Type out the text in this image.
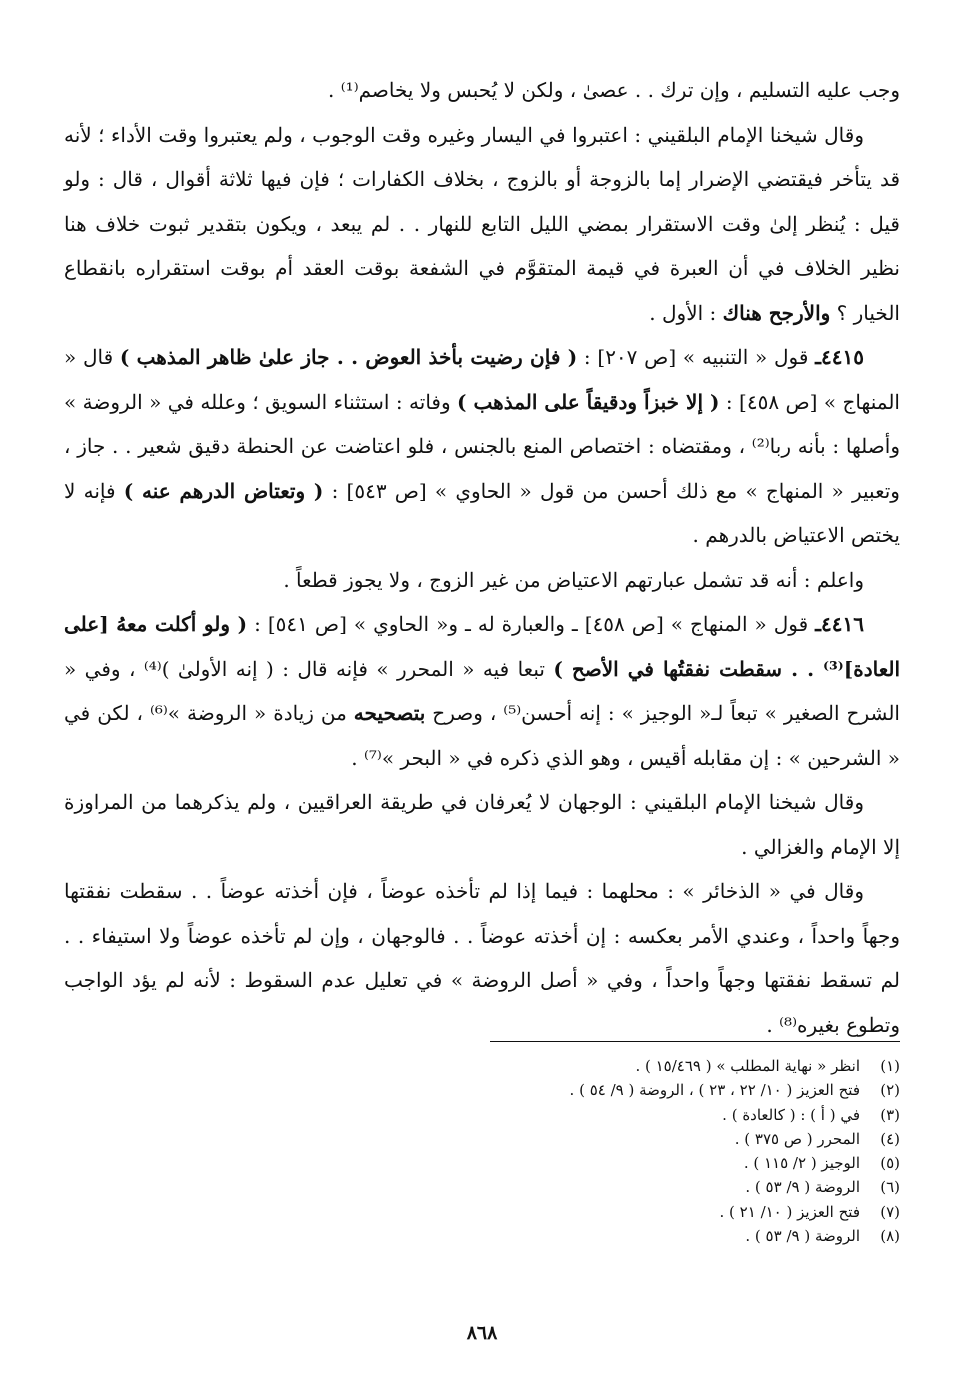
وجب عليه التسليم ، وإن ترك . . عصىٰ ، ولكن لا يُحبس ولا يخاصم⁽¹⁾ .

وقال شيخنا الإمام البلقيني : اعتبروا في اليسار وغيره وقت الوجوب ، ولم يعتبروا وقت الأداء ؛ لأنه قد يتأخر فيقتضي الإضرار إما بالزوجة أو بالزوج ، بخلاف الكفارات ؛ فإن فيها ثلاثة أقوال ، قال : ولو قيل : يُنظر إلىٰ وقت الاستقرار بمضي الليل التابع للنهار . . لم يبعد ، ويكون بتقدير ثبوت خلاف هنا نظير الخلاف في أن العبرة في قيمة المتقوَّم في الشفعة بوقت العقد أم بوقت استقراره بانقطاع الخيار ؟ والأرجح هناك : الأول .

٤٤١٥ـ قول « التنبيه » [ص ٢٠٧] : ( فإن رضيت بأخذ العوض . . جاز علىٰ ظاهر المذهب ) قال « المنهاج » [ص ٤٥٨] : ( إلا خبزاً ودقيقاً على المذهب ) وفاته : استثناء السويق ؛ وعلله في « الروضة » وأصلها : بأنه ربا⁽²⁾ ، ومقتضاه : اختصاص المنع بالجنس ، فلو اعتاضت عن الحنطة دقيق شعير . . جاز ، وتعبير « المنهاج » مع ذلك أحسن من قول « الحاوي » [ص ٥٤٣] : ( وتعتاض الدرهم عنه ) فإنه لا يختص الاعتياض بالدرهم .

واعلم : أنه قد تشمل عبارتهم الاعتياض من غير الزوج ، ولا يجوز قطعاً .

٤٤١٦ـ قول « المنهاج » [ص ٤٥٨] ـ والعبارة له ـ و« الحاوي » [ص ٥٤١] : ( ولو أكلت معهُ [على العادة]⁽³⁾ . . سقطت نفقتُها في الأصح ) تبعا فيه « المحرر » فإنه قال : ( إنه الأولىٰ )⁽⁴⁾ ، وفي « الشرح الصغير » تبعاً لـ« الوجيز » : إنه أحسن⁽⁵⁾ ، وصرح بتصحيحه من زيادة « الروضة »⁽⁶⁾ ، لكن في « الشرحين » : إن مقابله أقيس ، وهو الذي ذكره في « البحر »⁽⁷⁾ .

وقال شيخنا الإمام البلقيني : الوجهان لا يُعرفان في طريقة العراقيين ، ولم يذكرهما من المراوزة إلا الإمام والغزالي .

وقال في « الذخائر » : محلهما : فيما إذا لم تأخذه عوضاً ، فإن أخذته عوضاً . . سقطت نفقتها وجهاً واحداً ، وعندي الأمر بعكسه : إن أخذته عوضاً . . فالوجهان ، وإن لم تأخذه عوضاً ولا استيفاء . . لم تسقط نفقتها وجهاً واحداً ، وفي « أصل الروضة » في تعليل عدم السقوط : لأنه لم يؤد الواجب وتطوع بغيره⁽⁸⁾ .

(١)
انظر « نهاية المطلب » ( ١٥/٤٦٩ ) .
(٢)
فتح العزيز ( ١٠/ ٢٢ ، ٢٣ ) ، الروضة ( ٩/ ٥٤ ) .
(٣)
في ( أ ) : ( كالعادة ) .
(٤)
المحرر ( ص ٣٧٥ ) .
(٥)
الوجيز ( ٢/ ١١٥ ) .
(٦)
الروضة ( ٩/ ٥٣ ) .
(٧)
فتح العزيز ( ١٠/ ٢١ ) .
(٨)
الروضة ( ٩/ ٥٣ ) .
٨٦٨
